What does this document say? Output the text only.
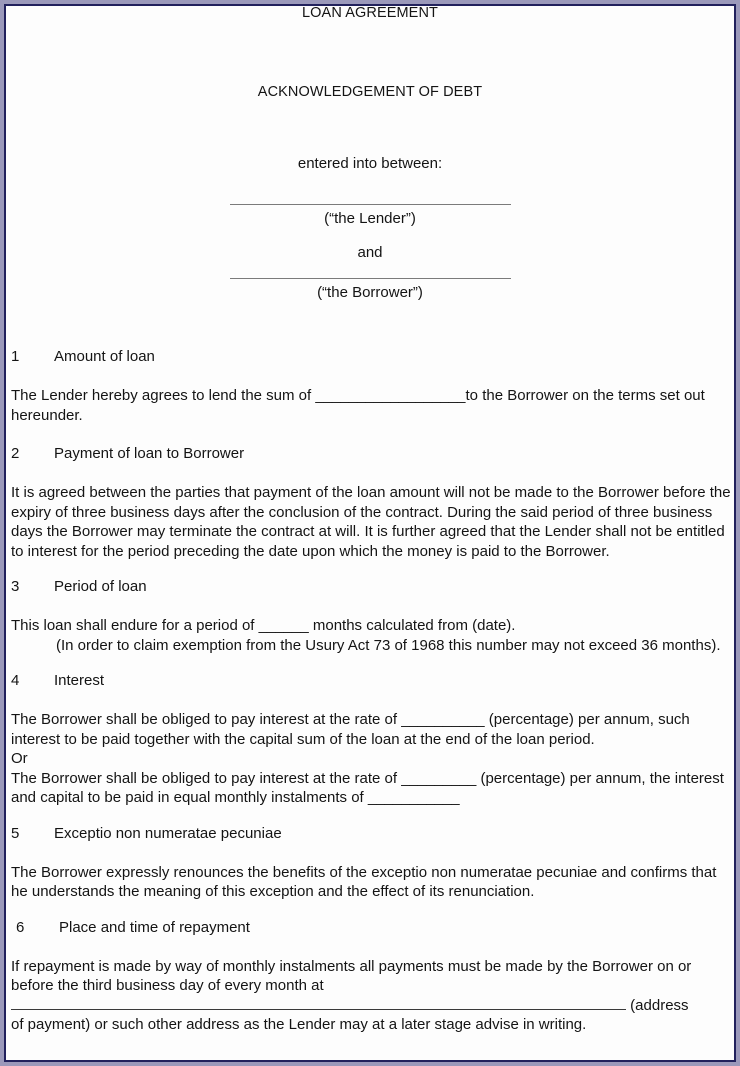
LOAN AGREEMENT
ACKNOWLEDGEMENT OF DEBT
entered into between:
(“the Lender”)
and
(“the Borrower”)
1 Amount of loan

The Lender hereby agrees to lend the sum of __________________to the Borrower on the terms set out hereunder.

2 Payment of loan to Borrower

It is agreed between the parties that payment of the loan amount will not be made to the Borrower before the expiry of three business days after the conclusion of the contract. During the said period of three business days the Borrower may terminate the contract at will. It is further agreed that the Lender shall not be entitled to interest for the period preceding the date upon which the money is paid to the Borrower.

3 Period of loan

This loan shall endure for a period of ______ months calculated from (date).

(In order to claim exemption from the Usury Act 73 of 1968 this number may not exceed 36 months).

4 Interest

The Borrower shall be obliged to pay interest at the rate of __________ (percentage) per annum, such interest to be paid together with the capital sum of the loan at the end of the loan period.

Or

The Borrower shall be obliged to pay interest at the rate of _________ (percentage) per annum, the interest and capital to be paid in equal monthly instalments of ___________

5 Exceptio non numeratae pecuniae

The Borrower expressly renounces the benefits of the exceptio non numeratae pecuniae and confirms that he understands the meaning of this exception and the effect of its renunciation.

6 Place and time of repayment

If repayment is made by way of monthly instalments all payments must be made by the Borrower on or before the third business day of every month at

(address

of payment) or such other address as the Lender may at a later stage advise in writing.
